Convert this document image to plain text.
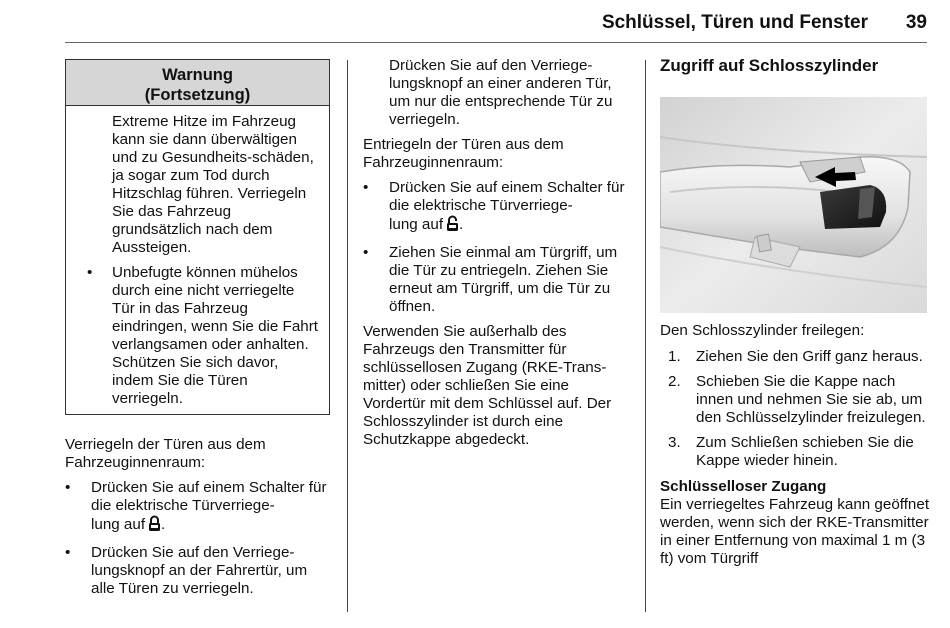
Schlüssel, Türen und Fenster 39
Warnung
(Fortsetzung)

Extreme Hitze im Fahrzeug kann sie dann überwältigen und zu Gesundheits-schäden, ja sogar zum Tod durch Hitzschlag führen. Verriegeln Sie das Fahrzeug grundsätzlich nach dem Aussteigen.

• Unbefugte können mühelos durch eine nicht verriegelte Tür in das Fahrzeug eindringen, wenn Sie die Fahrt verlangsamen oder anhalten. Schützen Sie sich davor, indem Sie die Türen verriegeln.

Verriegeln der Türen aus dem Fahrzeuginnenraum:

•	Drücken Sie auf einem Schalter für die elektrische Türverriege-
lung auf .
•	Drücken Sie auf den Verriege-lungsknopf an der Fahrertür, um alle Türen zu verriegeln.

Drücken Sie auf den Verriege-lungsknopf an einer anderen Tür, um nur die entsprechende Tür zu verriegeln.

Entriegeln der Türen aus dem Fahrzeuginnenraum:

•	Drücken Sie auf einem Schalter für die elektrische Türverriege-
lung auf .
•	Ziehen Sie einmal am Türgriff, um die Tür zu entriegeln. Ziehen Sie erneut am Türgriff, um die Tür zu öffnen.

Verwenden Sie außerhalb des Fahrzeugs den Transmitter für schlüssellosen Zugang (RKE-Trans-mitter) oder schließen Sie eine Vordertür mit dem Schlüssel auf. Der Schlosszylinder ist durch eine Schutzkappe abgedeckt.

Zugriff auf Schlosszylinder

Den Schlosszylinder freilegen:

1. Ziehen Sie den Griff ganz heraus.
2. Schieben Sie die Kappe nach innen und nehmen Sie sie ab, um den Schlüsselzylinder freizulegen.
3. Zum Schließen schieben Sie die Kappe wieder hinein.

Schlüsselloser Zugang

Ein verriegeltes Fahrzeug kann geöffnet werden, wenn sich der RKE-Transmitter in einer Entfernung von maximal 1 m (3 ft) vom Türgriff
